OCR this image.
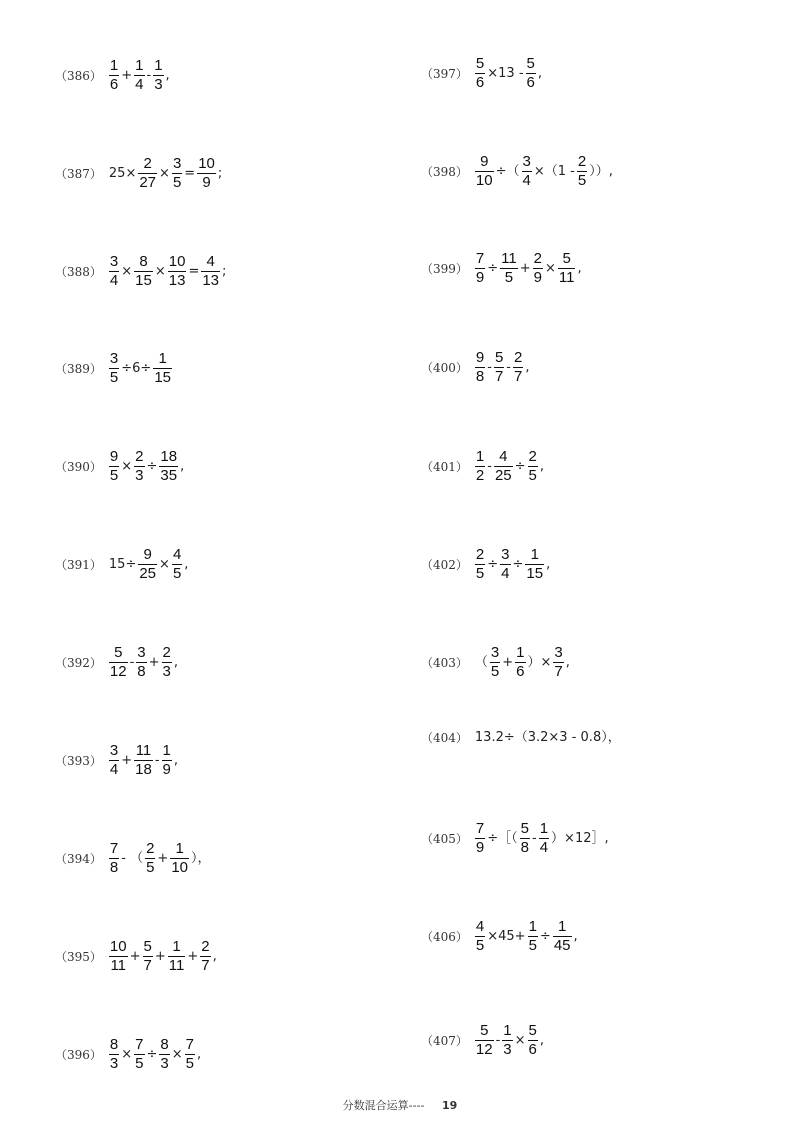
$(386) \frac{1}{6} + \frac{1}{4} - \frac{1}{3}$ ,
（387） $25\times \frac{2}{27} \times \frac{3}{5} = \frac{10}{9}$ ;
$(388) \frac{3}{4} \times \frac{8}{15} \times \frac{10}{13} = \frac{4}{13}$ ;
$(389) \frac{3}{5} \div 6\div \frac{1}{15}$
$(390) \frac{9}{5} \times \frac{2}{3} \div \frac{18}{35}$ ,
（391） $15\div \frac{9}{25} \times \frac{4}{5}$ ,
$(392) \frac{5}{12} - \frac{3}{8} + \frac{2}{3}$ ,
$(393) \frac{3}{4} + \frac{11}{18} - \frac{1}{9}$ ,
$(394) \frac{7}{8}$ - （ $\frac{2}{5} + \frac{1}{10}$ ），
$(395) \frac{10}{11} + \frac{5}{7} + \frac{1}{11} + \frac{2}{7}$ ,
$(396) \frac{8}{3} \times \frac{7}{5} \div \frac{8}{3} \times \frac{7}{5}$ ,
$(397) \frac{5}{6} \times 13 - \frac{5}{6}$ ,
$(398) \frac{9}{10}$ ÷（ $\frac{3}{4} \times(1 - \frac{2}{5}$ ））,
$(399) \frac{7}{9} \div \frac{11}{5} + \frac{2}{9} \times \frac{5}{11}$ ,
$(400) \frac{9}{8} - \frac{5}{7} - \frac{2}{7}$ ,
$(401) \frac{1}{2} - \frac{4}{25} \div \frac{2}{5}$ ,
$(402) \frac{2}{5} \div \frac{3}{4} \div \frac{1}{15}$ ,
（403） （ $\frac{3}{5} + \frac{1}{6}$ ）× $\frac{3}{7}$ ,
（404） 13.2÷（3.2×3 - 0.8），
$(405) \frac{7}{9}$ ÷［（ $\frac{5}{8} - \frac{1}{4}$ ）×12］,
$(406) \frac{4}{5} \times 45+ \frac{1}{5} \div \frac{1}{45}$ ,
$(407) \frac{5}{12} - \frac{1}{3} \times \frac{5}{6}$ ,
分数混合运算---- 19
